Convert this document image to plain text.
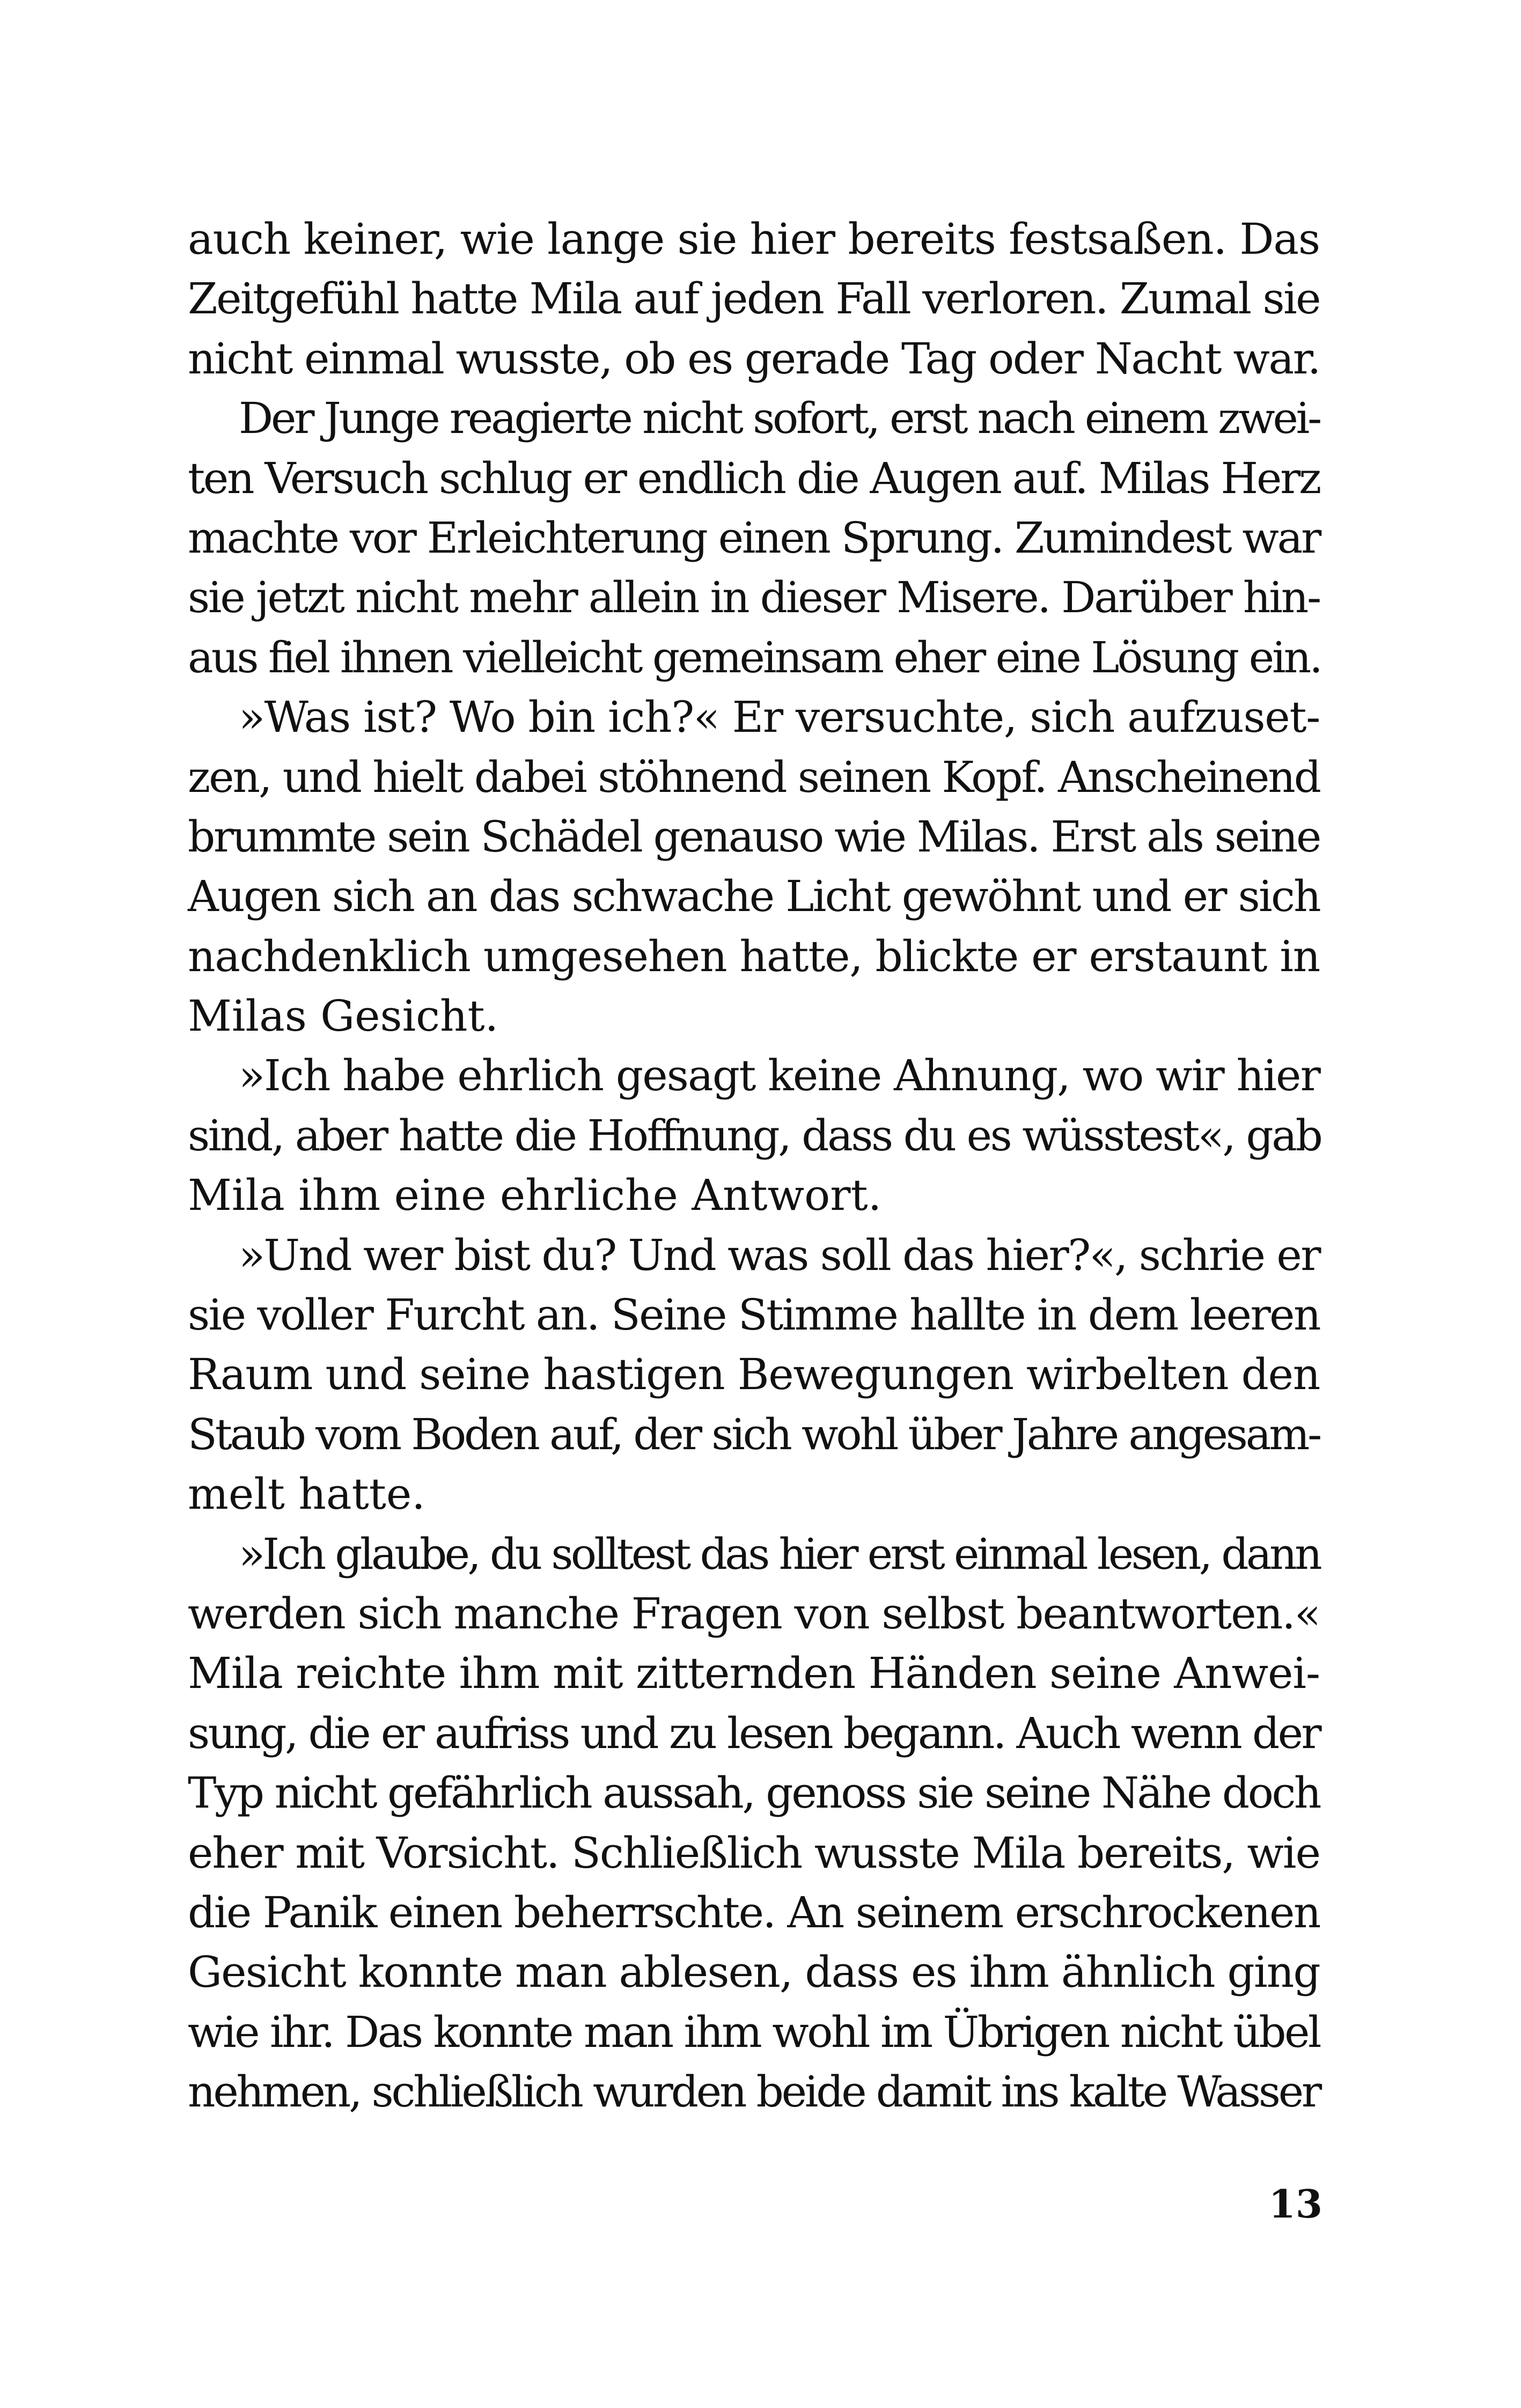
auch keiner, wie lange sie hier bereits festsaßen. Das
Zeitgefühl hatte Mila auf jeden Fall verloren. Zumal sie
nicht einmal wusste, ob es gerade Tag oder Nacht war.
Der Junge reagierte nicht sofort, erst nach einem zwei-
ten Versuch schlug er endlich die Augen auf. Milas Herz
machte vor Erleichterung einen Sprung. Zumindest war
sie jetzt nicht mehr allein in dieser Misere. Darüber hin-
aus fiel ihnen vielleicht gemeinsam eher eine Lösung ein.
»Was ist? Wo bin ich?« Er versuchte, sich aufzuset-
zen, und hielt dabei stöhnend seinen Kopf. Anscheinend
brummte sein Schädel genauso wie Milas. Erst als seine
Augen sich an das schwache Licht gewöhnt und er sich
nachdenklich umgesehen hatte, blickte er erstaunt in
Milas Gesicht.
»Ich habe ehrlich gesagt keine Ahnung, wo wir hier
sind, aber hatte die Hoffnung, dass du es wüsstest«, gab
Mila ihm eine ehrliche Antwort.
»Und wer bist du? Und was soll das hier?«, schrie er
sie voller Furcht an. Seine Stimme hallte in dem leeren
Raum und seine hastigen Bewegungen wirbelten den
Staub vom Boden auf, der sich wohl über Jahre angesam-
melt hatte.
»Ich glaube, du solltest das hier erst einmal lesen, dann
werden sich manche Fragen von selbst beantworten.«
Mila reichte ihm mit zitternden Händen seine Anwei-
sung, die er aufriss und zu lesen begann. Auch wenn der
Typ nicht gefährlich aussah, genoss sie seine Nähe doch
eher mit Vorsicht. Schließlich wusste Mila bereits, wie
die Panik einen beherrschte. An seinem erschrockenen
Gesicht konnte man ablesen, dass es ihm ähnlich ging
wie ihr. Das konnte man ihm wohl im Übrigen nicht übel
nehmen, schließlich wurden beide damit ins kalte Wasser
13
